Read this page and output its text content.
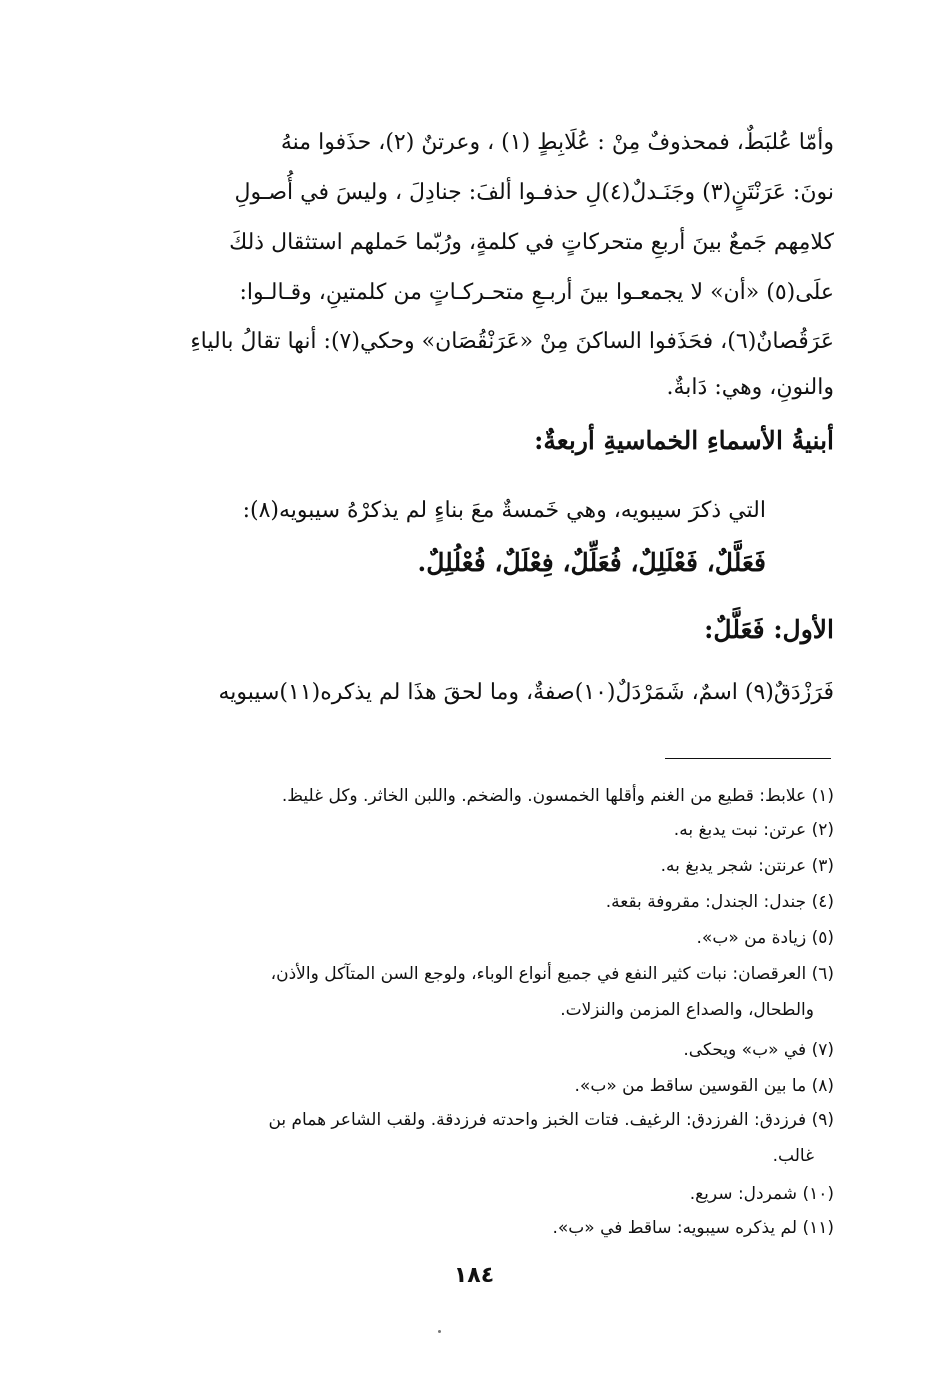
وأمّا عُلبَطٌ، فمحذوفٌ مِنْ : عُلَابِطٍ (١) ، وعرتنٌ (٢)، حذَفوا منهُ
نونَ: عَرَنْتَنٍ(٣) وجَنَـدلٌ(٤)لِ حذفـوا ألفَ: جنادِلَ ، وليسَ في أُصـولِ
كلامِهم جَمعٌ بينَ أربعِ متحركاتٍ في كلمةٍ، ورُبّما حَملهم استثقال ذلكَ
علَى(٥) «أن» لا يجمعـوا بينَ أربـعِ متحـركـاتٍ من كلمتينِ، وقـالـوا:
عَرَقُصانٌ(٦)، فحَذَفوا الساكنَ مِنْ «عَرَنْقُصَان» وحكي(٧): أنها تقالُ بالياءِ
والنونِ، وهي: دَابةٌ.
أبنيةُ الأسماءِ الخماسيةِ أربعةٌ:
التي ذكرَ سيبويه، وهي خَمسةٌ معَ بناءٍ لم يذكرْهُ سيبويه(٨):
فَعَلَّلٌ، فَعْلَلِلٌ، فُعَلِّلٌ، فِعْلَلٌ، فُعْلُلِلٌ.
الأول: فَعَلَّلٌ:
فَرَزْدَقٌ(٩) اسمٌ، شَمَرْدَلٌ(١٠)صفةٌ، وما لحقَ هذَا لم يذكره(١١)سيبويه
(١) علابط: قطيع من الغنم وأقلها الخمسون. والضخم. واللبن الخاثر. وكل غليظ.
(٢) عرتن: نبت يدبغ به.
(٣) عرنتن: شجر يدبغ به.
(٤) جندل: الجندل: مقروفة بقعة.
(٥) زيادة من «ب».
(٦) العرقصان: نبات كثير النفع في جميع أنواع الوباء، ولوجع السن المتآكل والأذن،
والطحال، والصداع المزمن والنزلات.
(٧) في «ب» ويحكى.
(٨) ما بين القوسين ساقط من «ب».
(٩) فرزدق: الفرزدق: الرغيف. فتات الخبز واحدته فرزدقة. ولقب الشاعر همام بن
غالب.
(١٠) شمردل: سريع.
(١١) لم يذكره سيبويه: ساقط في «ب».
١٨٤
